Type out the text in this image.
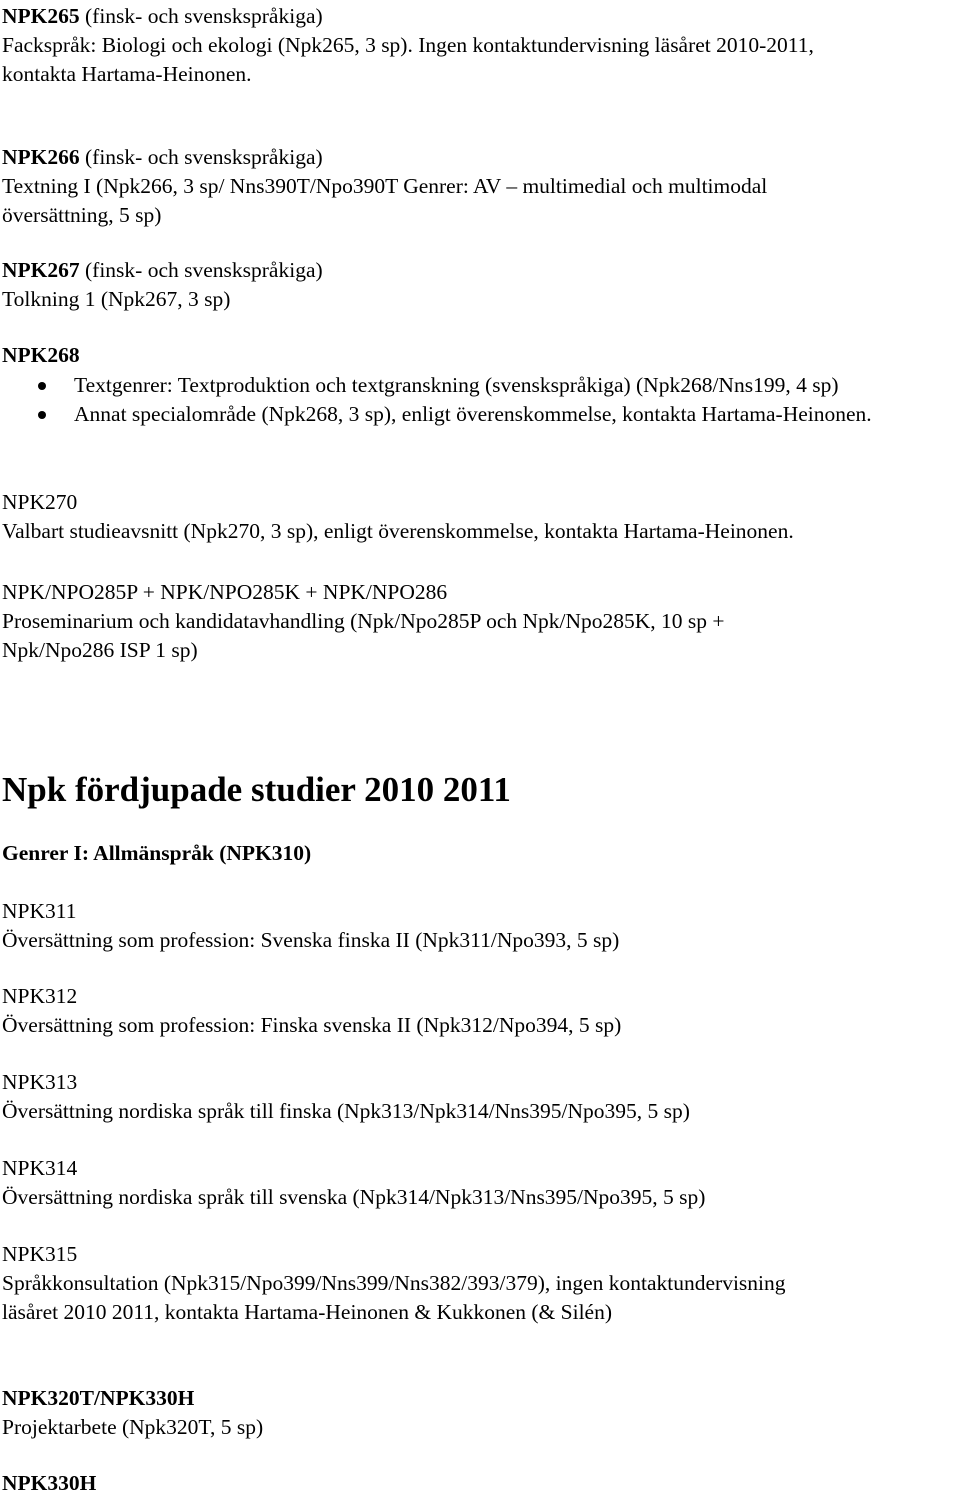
NPK265 (finsk- och svenskspråkiga)
Fackspråk: Biologi och ekologi (Npk265, 3 sp). Ingen kontaktundervisning läsåret 2010-2011,
kontakta Hartama-Heinonen.
NPK266 (finsk- och svenskspråkiga)
Textning I (Npk266, 3 sp/ Nns390T/Npo390T Genrer: AV – multimedial och multimodal
översättning, 5 sp)
NPK267 (finsk- och svenskspråkiga)
Tolkning 1 (Npk267, 3 sp)
NPK268
Textgenrer: Textproduktion och textgranskning (svenskspråkiga) (Npk268/Nns199, 4 sp)
Annat specialområde (Npk268, 3 sp), enligt överenskommelse, kontakta Hartama-Heinonen.
NPK270
Valbart studieavsnitt (Npk270, 3 sp), enligt överenskommelse, kontakta Hartama-Heinonen.
NPK/NPO285P + NPK/NPO285K + NPK/NPO286
Proseminarium och kandidatavhandling (Npk/Npo285P och Npk/Npo285K, 10 sp +
Npk/Npo286 ISP 1 sp)
Npk fördjupade studier 2010 2011
Genrer I: Allmänspråk (NPK310)
NPK311
Översättning som profession: Svenska finska II (Npk311/Npo393, 5 sp)
NPK312
Översättning som profession: Finska svenska II (Npk312/Npo394, 5 sp)
NPK313
Översättning nordiska språk till finska (Npk313/Npk314/Nns395/Npo395, 5 sp)
NPK314
Översättning nordiska språk till svenska (Npk314/Npk313/Nns395/Npo395, 5 sp)
NPK315
Språkkonsultation (Npk315/Npo399/Nns399/Nns382/393/379), ingen kontaktundervisning
läsåret 2010 2011, kontakta Hartama-Heinonen & Kukkonen (& Silén)
NPK320T/NPK330H
Projektarbete (Npk320T, 5 sp)
NPK330H
